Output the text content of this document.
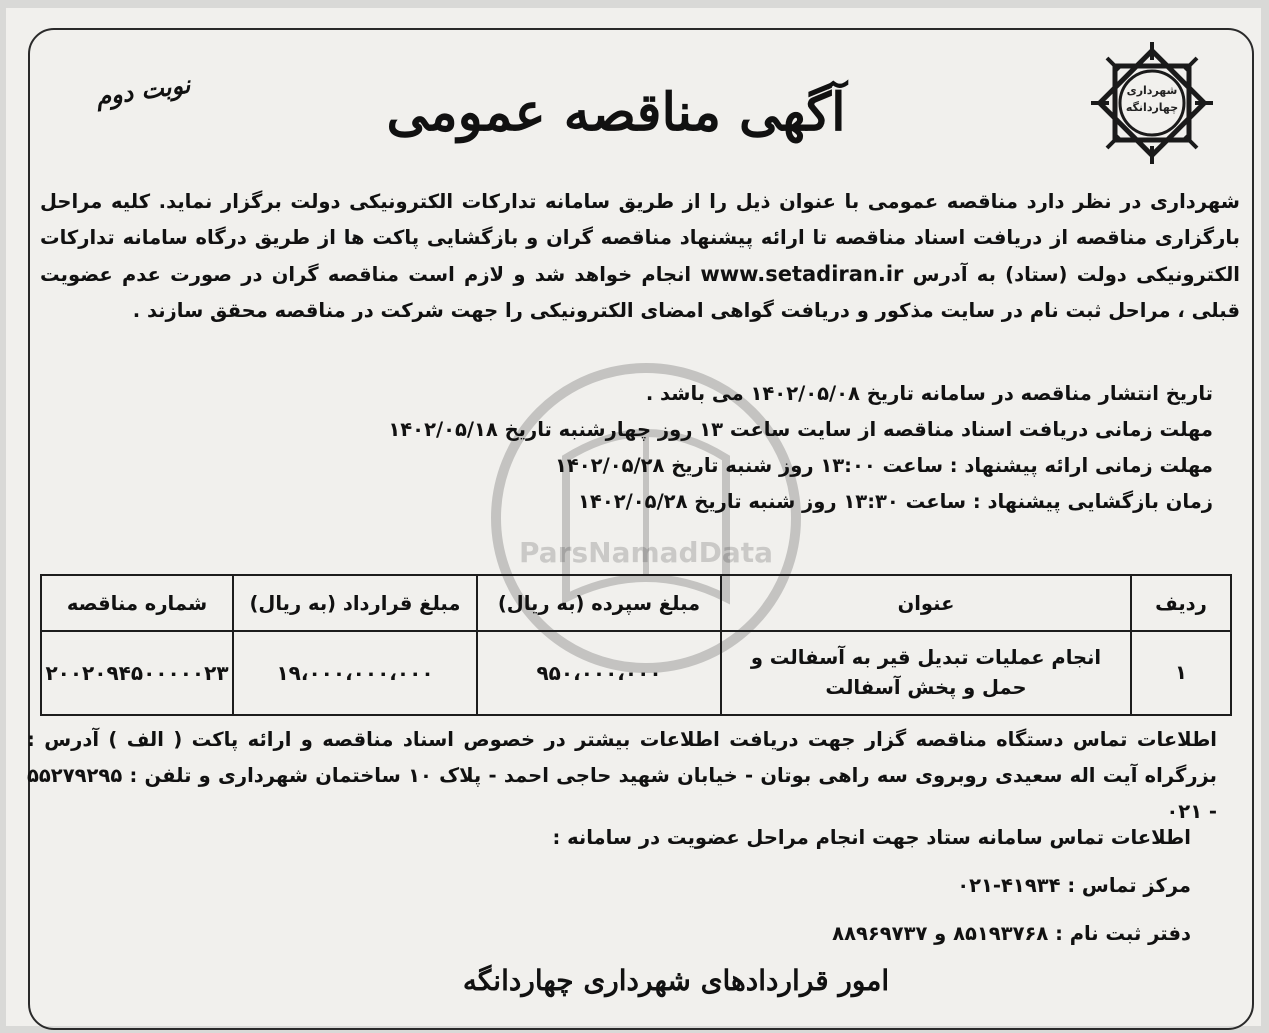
ParsNamadData
شهرداری
چهاردانگه
نوبت دوم	آگهی مناقصه عمومی
شهرداری در نظر دارد مناقصه عمومی با عنوان ذیل را از طریق سامانه تدارکات الکترونیکی دولت برگزار نماید. کلیه مراحل بارگزاری مناقصه از دریافت اسناد مناقصه تا ارائه پیشنهاد مناقصه گران و بازگشایی پاکت ها از طریق درگاه سامانه تدارکات الکترونیکی دولت (ستاد) به آدرس www.setadiran.ir انجام خواهد شد و لازم است مناقصه گران در صورت عدم عضویت قبلی ، مراحل ثبت نام در سایت مذکور و دریافت گواهی امضای الکترونیکی را جهت شرکت در مناقصه محقق سازند .
تاریخ انتشار مناقصه در سامانه تاریخ ۱۴۰۲/۰۵/۰۸ می باشد .
مهلت زمانی دریافت اسناد مناقصه از سایت ساعت ۱۳ روز چهارشنبه تاریخ ۱۴۰۲/۰۵/۱۸
مهلت زمانی ارائه پیشنهاد : ساعت ۱۳:۰۰ روز شنبه تاریخ ۱۴۰۲/۰۵/۲۸
زمان بازگشایی پیشنهاد : ساعت ۱۳:۳۰ روز شنبه تاریخ ۱۴۰۲/۰۵/۲۸
ردیف	عنوان	مبلغ سپرده (به ریال)	مبلغ قرارداد (به ریال)	شماره مناقصه
۱	انجام عملیات تبدیل قیر به آسفالت و
حمل و پخش آسفالت	۹۵۰،۰۰۰،۰۰۰	۱۹،۰۰۰،۰۰۰،۰۰۰	۲۰۰۲۰۹۴۵۰۰۰۰۰۲۳
اطلاعات تماس دستگاه مناقصه گزار جهت دریافت اطلاعات بیشتر در خصوص اسناد مناقصه و ارائه پاکت ( الف ) آدرس : بزرگراه آیت اله سعیدی روبروی سه راهی بوتان - خیابان شهید حاجی احمد - پلاک ۱۰ ساختمان شهرداری و تلفن : ۵۵۲۷۹۲۹۵ - ۰۲۱
اطلاعات تماس سامانه ستاد جهت انجام مراحل عضویت در سامانه :
مرکز تماس : ۴۱۹۳۴-۰۲۱
دفتر ثبت نام : ۸۵۱۹۳۷۶۸ و ۸۸۹۶۹۷۳۷
امور قراردادهای شهرداری چهاردانگه
